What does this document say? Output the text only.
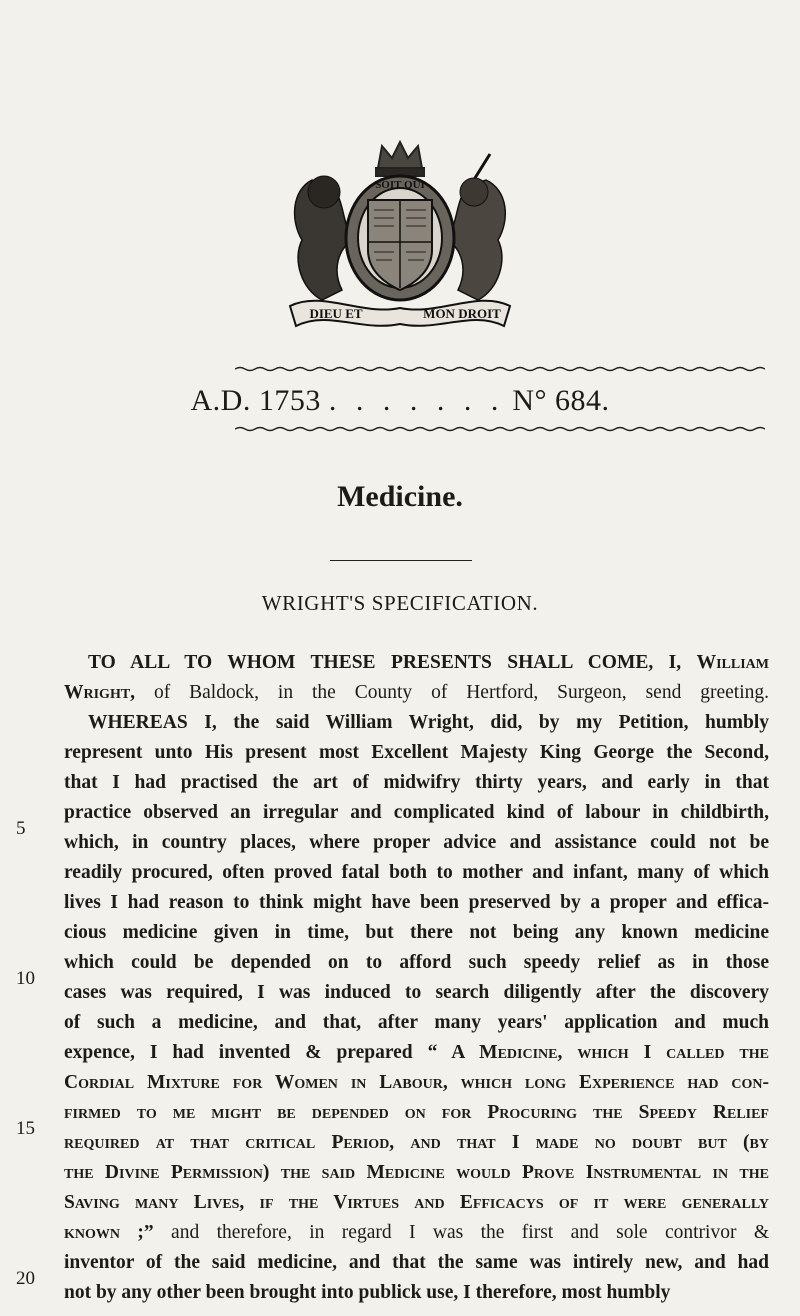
SOIT QUI
DIEU ET	MON DROIT
A.D. 1753 . . . . . . . N° 684.
Medicine.
WRIGHT'S SPECIFICATION.
5
10
15
20
TO ALL TO WHOM THESE PRESENTS SHALL COME, I, William
Wright, of Baldock, in the County of Hertford, Surgeon, send greeting.
WHEREAS I, the said William Wright, did, by my Petition, humbly
represent unto His present most Excellent Majesty King George the Second,
that I had practised the art of midwifry thirty years, and early in that
practice observed an irregular and complicated kind of labour in childbirth,
which, in country places, where proper advice and assistance could not be
readily procured, often proved fatal both to mother and infant, many of which
lives I had reason to think might have been preserved by a proper and effica-
cious medicine given in time, but there not being any known medicine
which could be depended on to afford such speedy relief as in those
cases was required, I was induced to search diligently after the discovery
of such a medicine, and that, after many years' application and much
expence, I had invented & prepared “ A Medicine, which I called the
Cordial Mixture for Women in Labour, which long Experience had con-
firmed to me might be depended on for Procuring the Speedy Relief
required at that critical Period, and that I made no doubt but (by
the Divine Permission) the said Medicine would Prove Instrumental in the
Saving many Lives, if the Virtues and Efficacys of it were generally
known ;” and therefore, in regard I was the first and sole contrivor &
inventor of the said medicine, and that the same was intirely new, and had
not by any other been brought into publick use, I therefore, most humbly
